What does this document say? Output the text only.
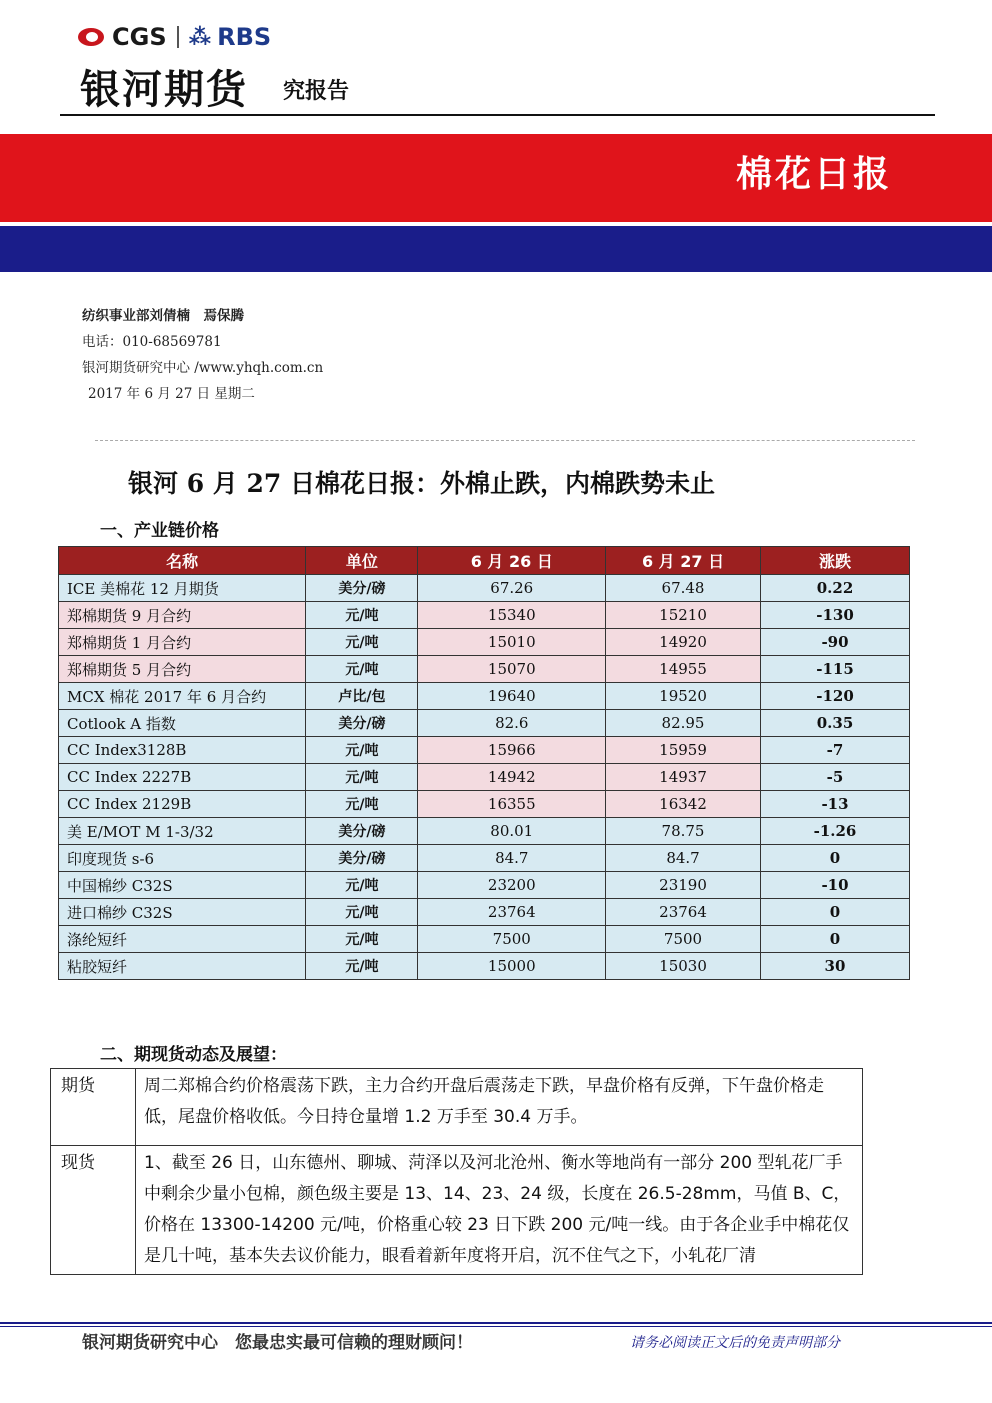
CGS ⁂ RBS
银河期货 究报告
棉花日报
纺织事业部刘倩楠　焉保腾
电话：010-68569781
银河期货研究中心 /www.yhqh.com.cn
2017 年 6 月 27 日 星期二
银河 6 月 27 日棉花日报：外棉止跌，内棉跌势未止
一、产业链价格
名称	单位	6 月 26 日	6 月 27 日	涨跌
ICE 美棉花 12 月期货	美分/磅	67.26	67.48	0.22
郑棉期货 9 月合约	元/吨	15340	15210	-130
郑棉期货 1 月合约	元/吨	15010	14920	-90
郑棉期货 5 月合约	元/吨	15070	14955	-115
MCX 棉花 2017 年 6 月合约	卢比/包	19640	19520	-120
Cotlook A 指数	美分/磅	82.6	82.95	0.35
CC Index3128B	元/吨	15966	15959	-7
CC Index 2227B	元/吨	14942	14937	-5
CC Index 2129B	元/吨	16355	16342	-13
美 E/MOT M 1-3/32	美分/磅	80.01	78.75	-1.26
印度现货 s-6	美分/磅	84.7	84.7	0
中国棉纱 C32S	元/吨	23200	23190	-10
进口棉纱 C32S	元/吨	23764	23764	0
涤纶短纤	元/吨	7500	7500	0
粘胶短纤	元/吨	15000	15030	30
二、期现货动态及展望：
期货	周二郑棉合约价格震荡下跌，主力合约开盘后震荡走下跌，早盘价格有反弹，下午盘价格走低，尾盘价格收低。今日持仓量增 1.2 万手至 30.4 万手。
现货	1、截至 26 日，山东德州、聊城、菏泽以及河北沧州、衡水等地尚有一部分 200 型轧花厂手中剩余少量小包棉，颜色级主要是 13、14、23、24 级，长度在 26.5-28mm，马值 B、C，价格在 13300-14200 元/吨，价格重心较 23 日下跌 200 元/吨一线。由于各企业手中棉花仅是几十吨，基本失去议价能力，眼看着新年度将开启，沉不住气之下，小轧花厂清
银河期货研究中心　您最忠实最可信赖的理财顾问！	请务必阅读正文后的免责声明部分
